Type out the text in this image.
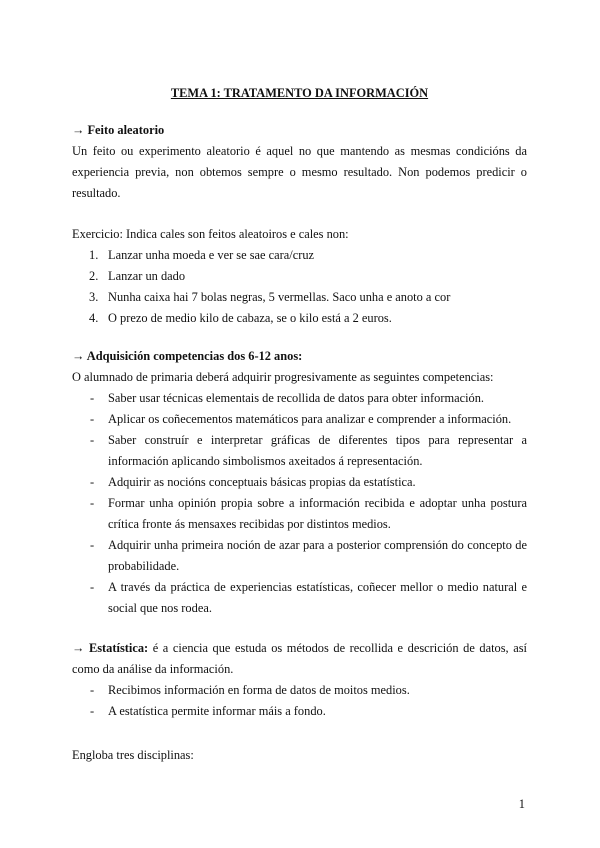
TEMA 1: TRATAMENTO DA INFORMACIÓN
→ Feito aleatorio
Un feito ou experimento aleatorio é aquel no que mantendo as mesmas condicións da experiencia previa, non obtemos sempre o mesmo resultado. Non podemos predicir o resultado.
Exercicio: Indica cales son feitos aleatoiros e cales non:
1. Lanzar unha moeda e ver se sae cara/cruz
2. Lanzar un dado
3. Nunha caixa hai 7 bolas negras, 5 vermellas. Saco unha e anoto a cor
4. O prezo de medio kilo de cabaza, se o kilo está a 2 euros.
→ Adquisición competencias dos 6-12 anos:
O alumnado de primaria deberá adquirir progresivamente as seguintes competencias:
- Saber usar técnicas elementais de recollida de datos para obter información.
- Aplicar os coñecementos matemáticos para analizar e comprender a información.
- Saber construír e interpretar gráficas de diferentes tipos para representar a información aplicando simbolismos axeitados á representación.
- Adquirir as nocións conceptuais básicas propias da estatística.
- Formar unha opinión propia sobre a información recibida e adoptar unha postura crítica fronte ás mensaxes recibidas por distintos medios.
- Adquirir unha primeira noción de azar para a posterior comprensión do concepto de probabilidade.
- A través da práctica de experiencias estatísticas, coñecer mellor o medio natural e social que nos rodea.
→ Estatística: é a ciencia que estuda os métodos de recollida e descrición de datos, así como da análise da información.
- Recibimos información en forma de datos de moitos medios.
- A estatística permite informar máis a fondo.
Engloba tres disciplinas:
1
